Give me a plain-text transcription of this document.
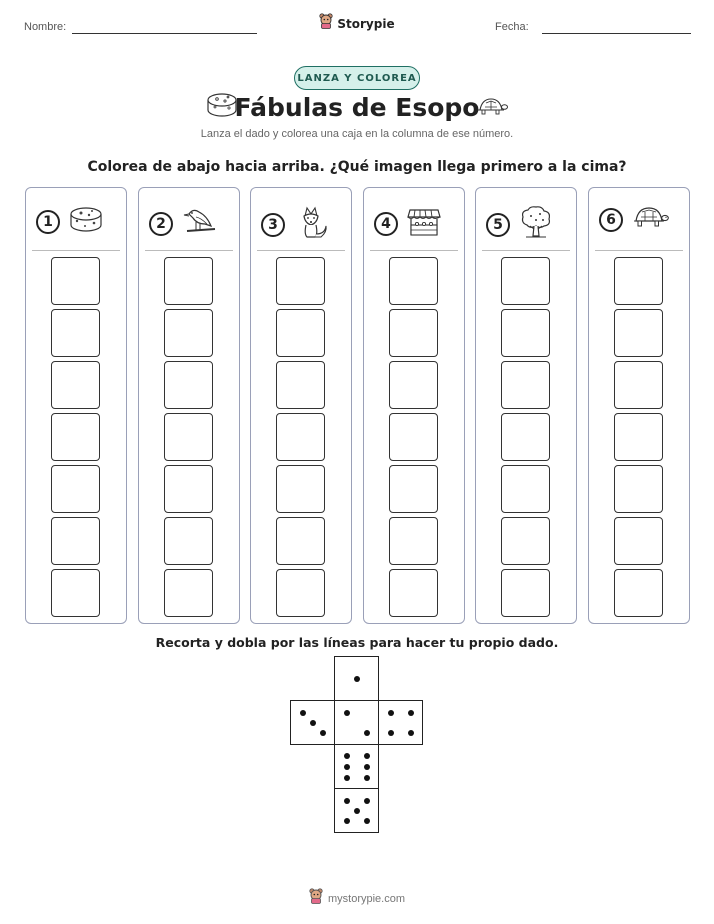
Nombre:	Storypie	Fecha:
LANZA Y COLOREA
Fábulas de Esopo
Lanza el dado y colorea una caja en la columna de ese número.
Colorea de abajo hacia arriba. ¿Qué imagen llega primero a la cima?
1	2	3	4	5	6
Recorta y dobla por las líneas para hacer tu propio dado.
mystorypie.com
